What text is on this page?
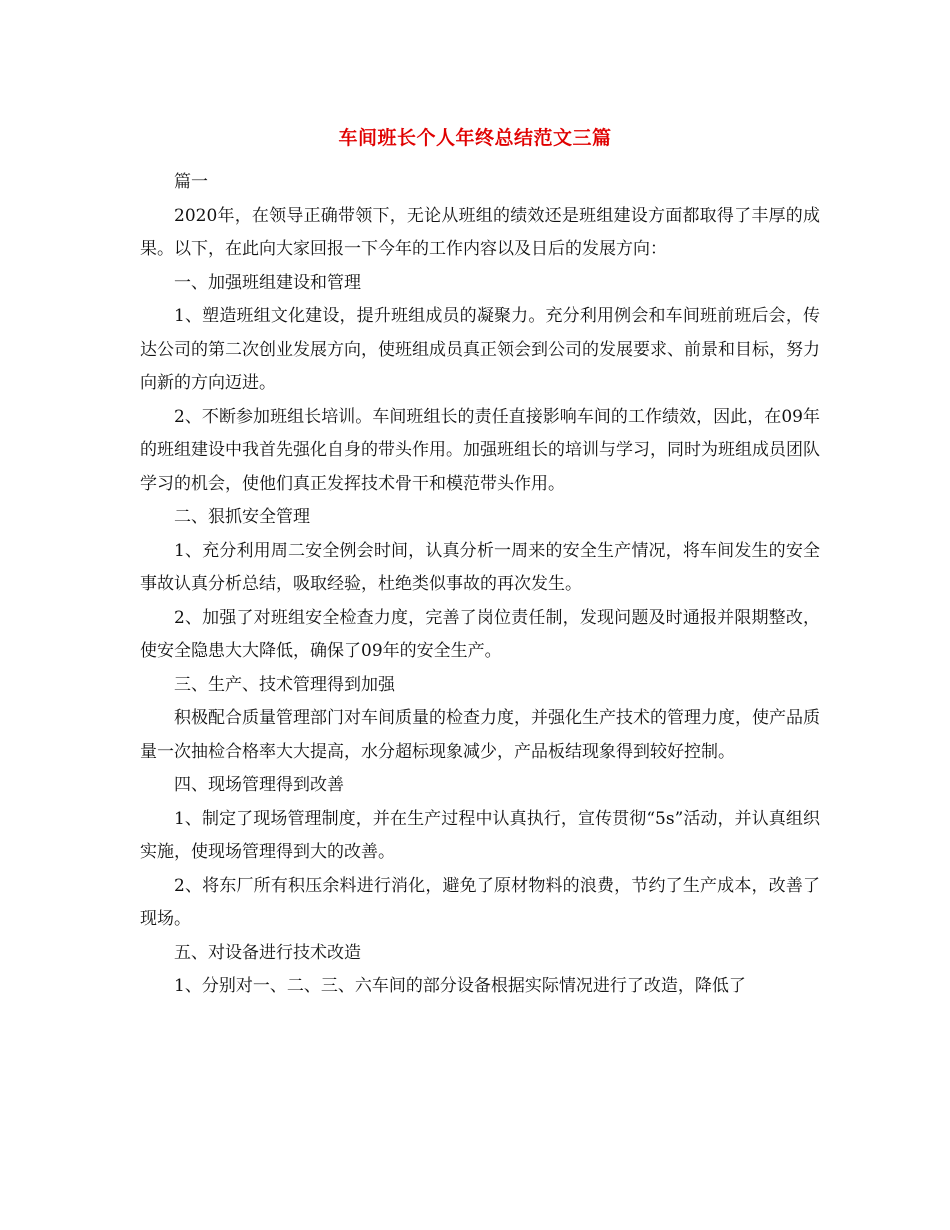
车间班长个人年终总结范文三篇

篇一

2020年，在领导正确带领下，无论从班组的绩效还是班组建设方面都取得了丰厚的成果。以下，在此向大家回报一下今年的工作内容以及日后的发展方向：

一、加强班组建设和管理

1、塑造班组文化建设，提升班组成员的凝聚力。充分利用例会和车间班前班后会，传达公司的第二次创业发展方向，使班组成员真正领会到公司的发展要求、前景和目标，努力向新的方向迈进。

2、不断参加班组长培训。车间班组长的责任直接影响车间的工作绩效，因此，在09年的班组建设中我首先强化自身的带头作用。加强班组长的培训与学习，同时为班组成员团队学习的机会，使他们真正发挥技术骨干和模范带头作用。

二、狠抓安全管理

1、充分利用周二安全例会时间，认真分析一周来的安全生产情况，将车间发生的安全事故认真分析总结，吸取经验，杜绝类似事故的再次发生。

2、加强了对班组安全检查力度，完善了岗位责任制，发现问题及时通报并限期整改，使安全隐患大大降低，确保了09年的安全生产。

三、生产、技术管理得到加强

积极配合质量管理部门对车间质量的检查力度，并强化生产技术的管理力度，使产品质量一次抽检合格率大大提高，水分超标现象减少，产品板结现象得到较好控制。

四、现场管理得到改善

1、制定了现场管理制度，并在生产过程中认真执行，宣传贯彻“5s”活动，并认真组织实施，使现场管理得到大的改善。

2、将东厂所有积压余料进行消化，避免了原材物料的浪费，节约了生产成本，改善了现场。

五、对设备进行技术改造

1、分别对一、二、三、六车间的部分设备根据实际情况进行了改造，降低了
